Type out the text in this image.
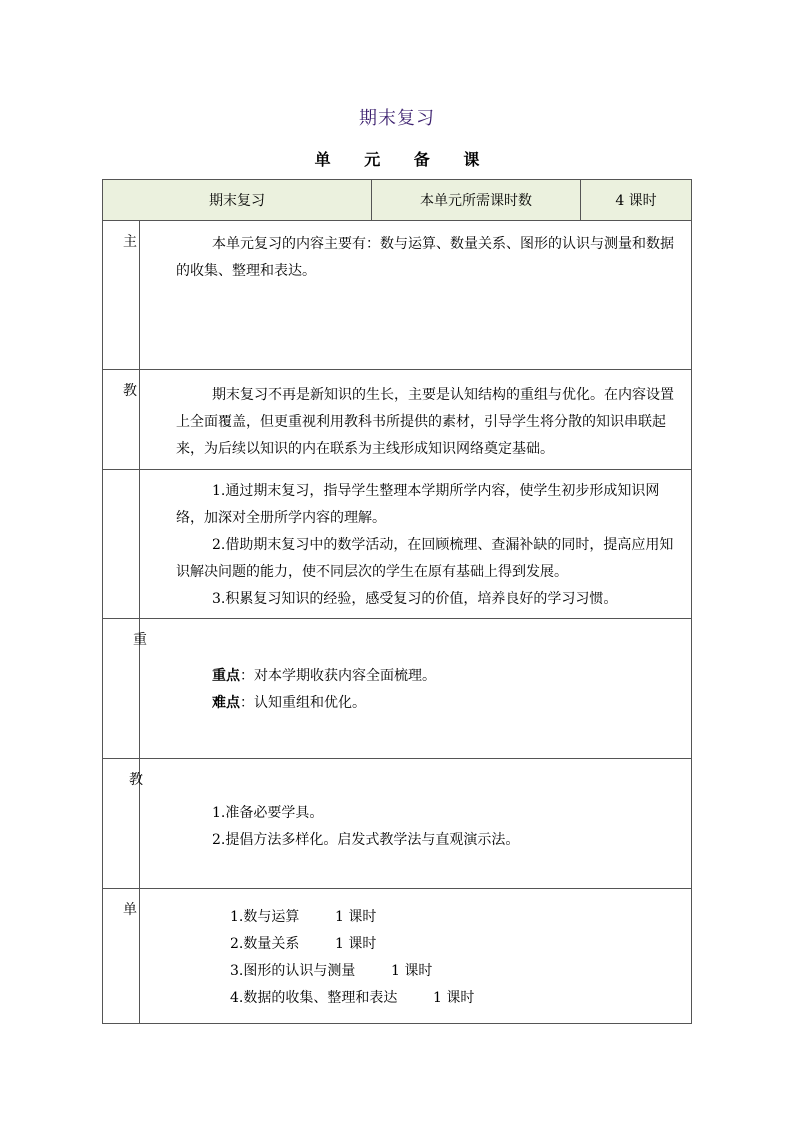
期末复习
单 元 备 课
期末复习		本单元所需课时数	4 课时

主	本单元复习的内容主要有：数与运算、数量关系、图形的认识与测量和数据的收集、整理和表达。		

教	期末复习不再是新知识的生长，主要是认知结构的重组与优化。在内容设置上全面覆盖，但更重视利用教科书所提供的素材，引导学生将分散的知识串联起来，为后续以知识的内在联系为主线形成知识网络奠定基础。		

	1.通过期末复习，指导学生整理本学期所学内容，使学生初步形成知识网络，加深对全册所学内容的理解。

2.借助期末复习中的数学活动，在回顾梳理、查漏补缺的同时，提高应用知识解决问题的能力，使不同层次的学生在原有基础上得到发展。

3.积累复习知识的经验，感受复习的价值，培养良好的学习习惯。		

重	重点：对本学期收获内容全面梳理。

难点：认知重组和优化。		

教	1.准备必要学具。

2.提倡方法多样化。启发式教学法与直观演示法。		

单	1.数与运算        1 课时

2.数量关系        1 课时

3.图形的认识与测量        1 课时

4.数据的收集、整理和表达        1 课时		
